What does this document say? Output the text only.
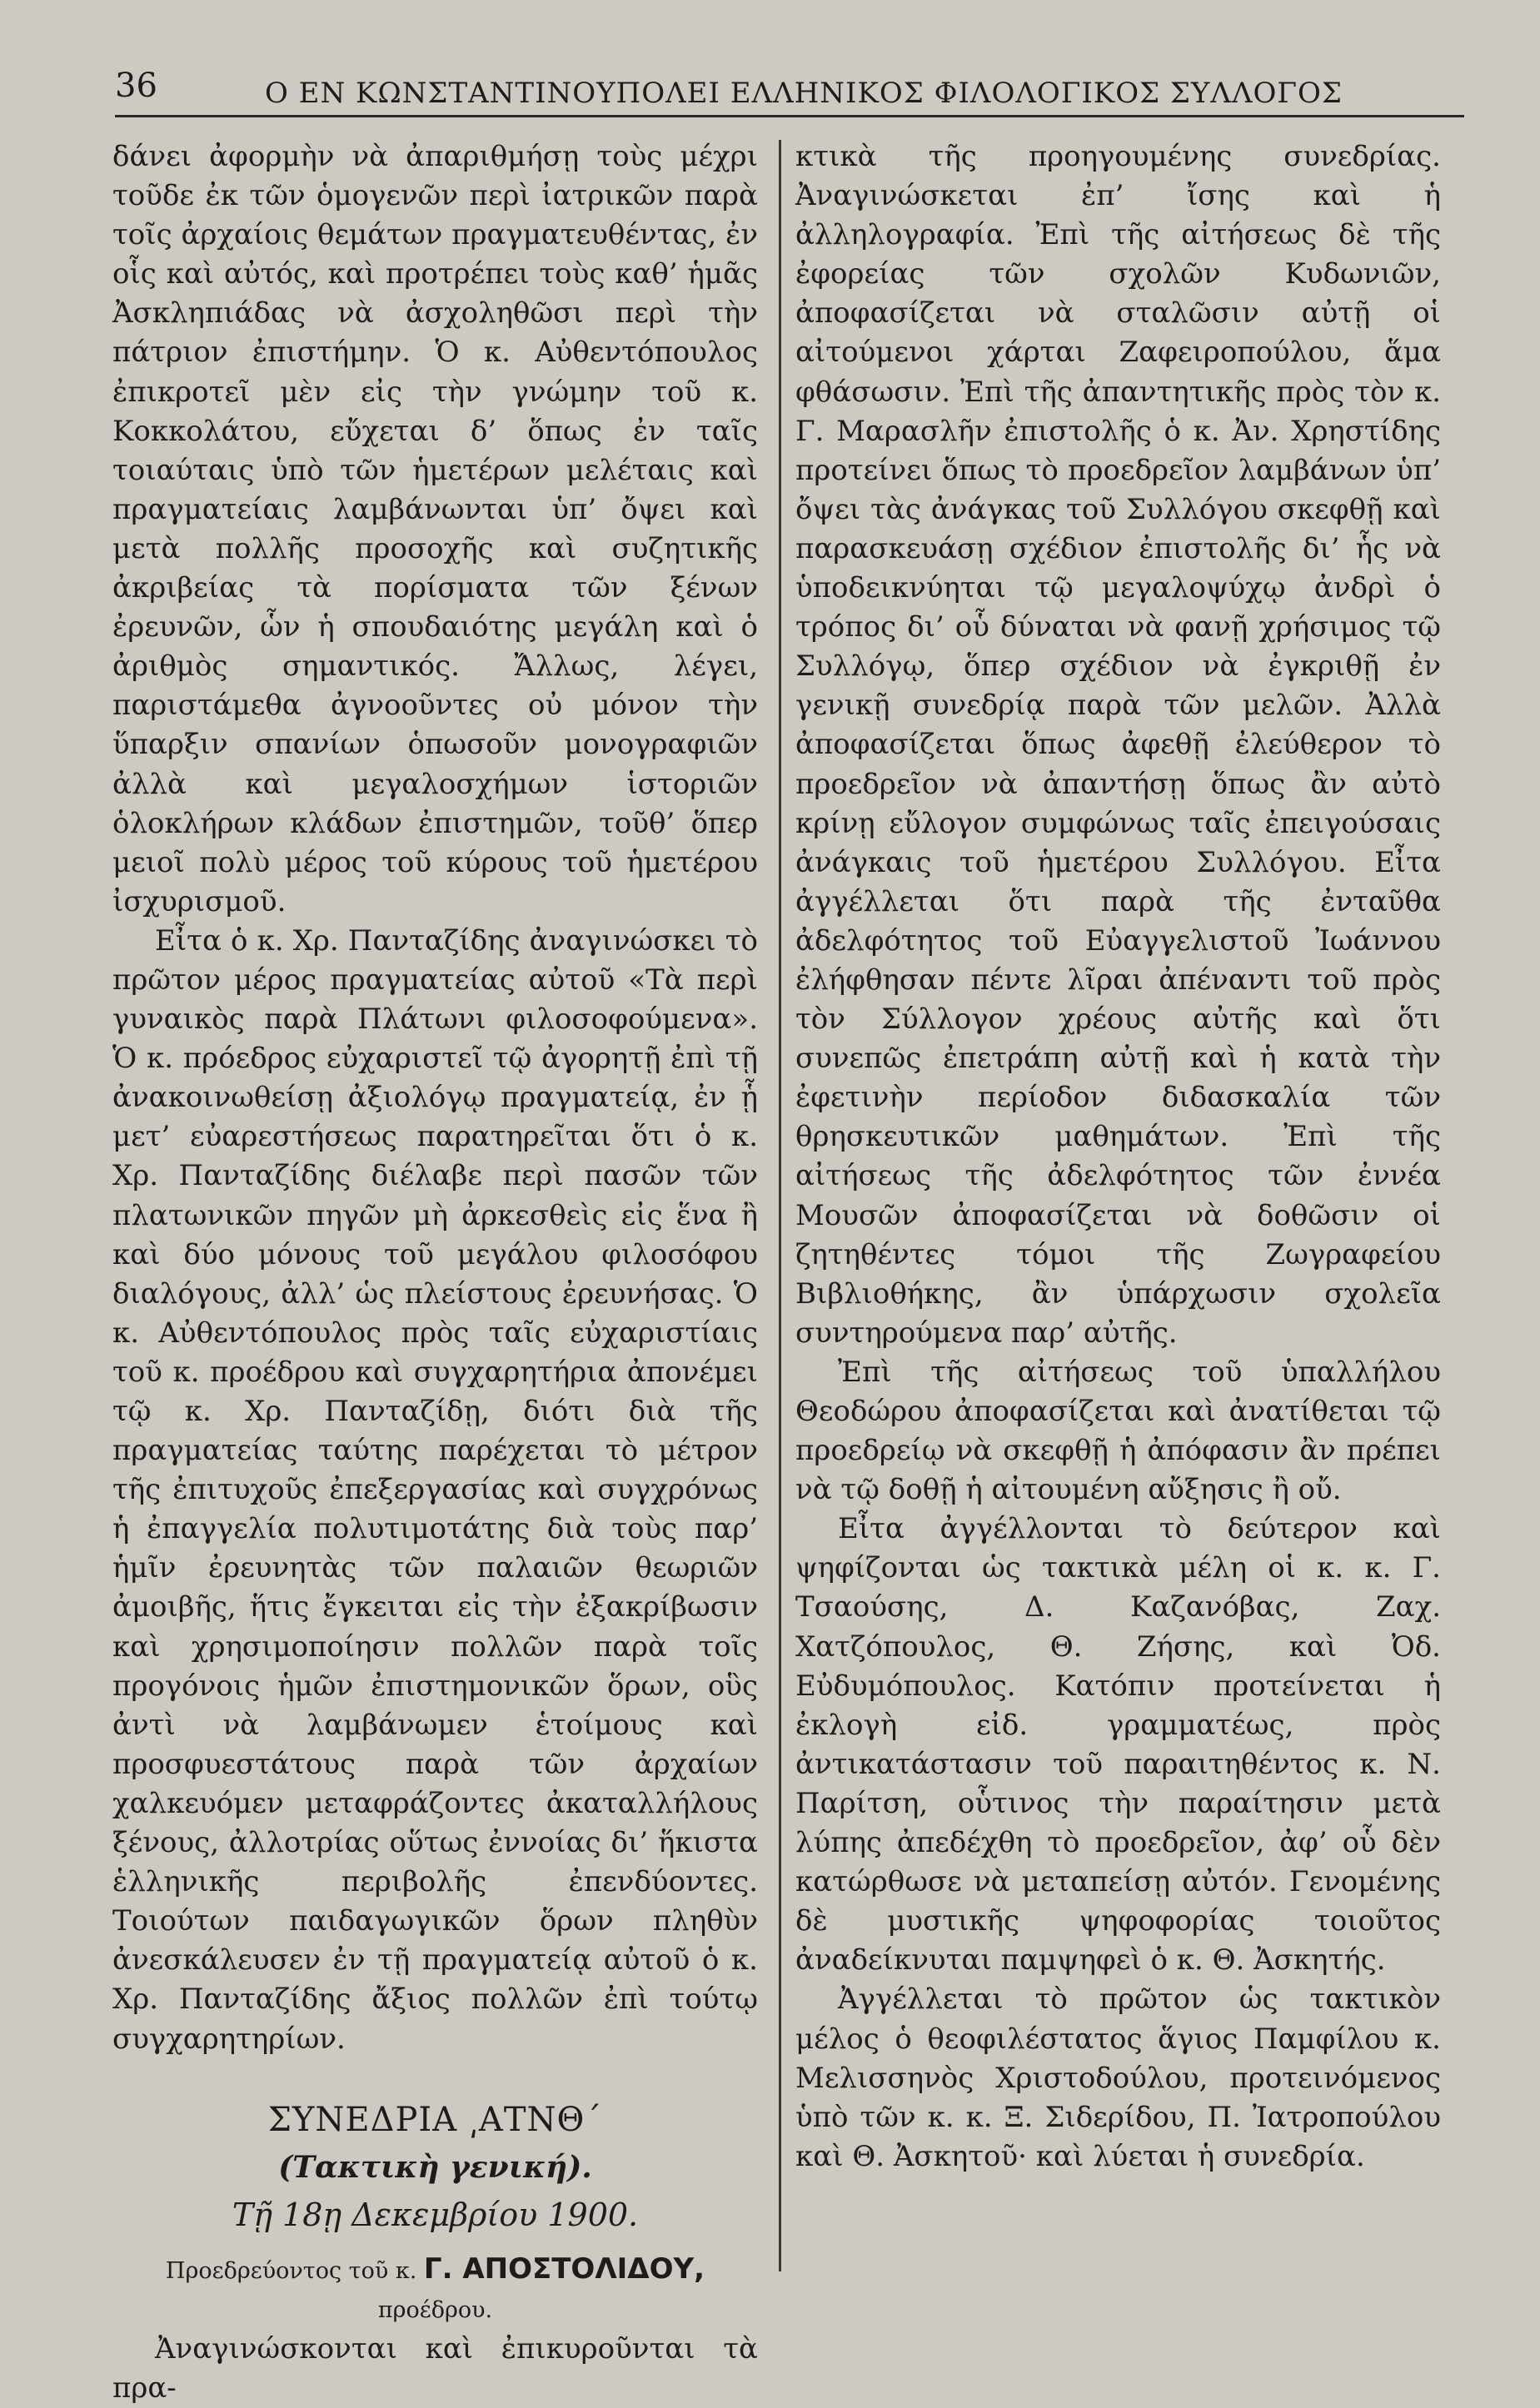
36	Ο ΕΝ ΚΩΝΣΤΑΝΤΙΝΟΥΠΟΛΕΙ ΕΛΛΗΝΙΚΟΣ ΦΙΛΟΛΟΓΙΚΟΣ ΣΥΛΛΟΓΟΣ

δάνει ἀφορμὴν νὰ ἀπαριθμήσῃ τοὺς μέχρι τοῦδε ἐκ τῶν ὁμογενῶν περὶ ἰατρικῶν παρὰ τοῖς ἀρχαίοις θεμάτων πραγματευθέντας, ἐν οἷς καὶ αὐτός, καὶ προτρέπει τοὺς καθ’ ἡμᾶς Ἀσκληπιάδας νὰ ἀσχοληθῶσι περὶ τὴν πάτριον ἐπιστήμην. Ὁ κ. Αὐθεντόπουλος ἐπικροτεῖ μὲν εἰς τὴν γνώμην τοῦ κ. Κοκκολάτου, εὔχεται δ’ ὅπως ἐν ταῖς τοιαύταις ὑπὸ τῶν ἡμετέρων μελέταις καὶ πραγματείαις λαμβάνωνται ὑπ’ ὄψει καὶ μετὰ πολλῆς προσοχῆς καὶ συζητικῆς ἀκριβείας τὰ πορίσματα τῶν ξένων ἐρευνῶν, ὧν ἡ σπουδαιότης μεγάλη καὶ ὁ ἀριθμὸς σημαντικός. Ἄλλως, λέγει, παριστάμεθα ἀγνοοῦντες οὐ μόνον τὴν ὕπαρξιν σπανίων ὁπωσοῦν μονογραφιῶν ἀλλὰ καὶ μεγαλοσχήμων ἱστοριῶν ὁλοκλήρων κλάδων ἐπιστημῶν, τοῦθ’ ὅπερ μειοῖ πολὺ μέρος τοῦ κύρους τοῦ ἡμετέρου ἰσχυρισμοῦ.

Εἶτα ὁ κ. Χρ. Πανταζίδης ἀναγινώσκει τὸ πρῶτον μέρος πραγματείας αὐτοῦ «Τὰ περὶ γυναικὸς παρὰ Πλάτωνι φιλοσοφούμενα». Ὁ κ. πρόεδρος εὐχαριστεῖ τῷ ἀγορητῇ ἐπὶ τῇ ἀνακοινωθείσῃ ἀξιολόγῳ πραγματείᾳ, ἐν ᾗ μετ’ εὐαρεστήσεως παρατηρεῖται ὅτι ὁ κ. Χρ. Πανταζίδης διέλαβε περὶ πασῶν τῶν πλατωνικῶν πηγῶν μὴ ἀρκεσθεὶς εἰς ἕνα ἢ καὶ δύο μόνους τοῦ μεγάλου φιλοσόφου διαλόγους, ἀλλ’ ὡς πλείστους ἐρευνήσας. Ὁ κ. Αὐθεντόπουλος πρὸς ταῖς εὐχαριστίαις τοῦ κ. προέδρου καὶ συγχαρητήρια ἀπονέμει τῷ κ. Χρ. Πανταζίδῃ, διότι διὰ τῆς πραγματείας ταύτης παρέχεται τὸ μέτρον τῆς ἐπιτυχοῦς ἐπεξεργασίας καὶ συγχρόνως ἡ ἐπαγγελία πολυτιμοτάτης διὰ τοὺς παρ’ ἡμῖν ἐρευνητὰς τῶν παλαιῶν θεωριῶν ἀμοιβῆς, ἥτις ἔγκειται εἰς τὴν ἐξακρίβωσιν καὶ χρησιμοποίησιν πολλῶν παρὰ τοῖς προγόνοις ἡμῶν ἐπιστημονικῶν ὅρων, οὓς ἀντὶ νὰ λαμβάνωμεν ἑτοίμους καὶ προσφυεστάτους παρὰ τῶν ἀρχαίων χαλκευόμεν μεταφράζοντες ἀκαταλλήλους ξένους, ἀλλοτρίας οὕτως ἐννοίας δι’ ἥκιστα ἑλληνικῆς περιβολῆς ἐπενδύοντες. Τοιούτων παιδαγωγικῶν ὅρων πληθὺν ἀνεσκάλευσεν ἐν τῇ πραγματείᾳ αὐτοῦ ὁ κ. Χρ. Πανταζίδης ἄξιος πολλῶν ἐπὶ τούτῳ συγχαρητηρίων.

ΣΥΝΕΔΡΙΑ ͵ΑΤΝΘ΄
(Τακτικὴ γενική).
Τῇ 18ῃ Δεκεμβρίου 1900.
Προεδρεύοντος τοῦ κ. Γ. ΑΠΟΣΤΟΛΙΔΟΥ, προέδρου.

Ἀναγινώσκονται καὶ ἐπικυροῦνται τὰ πρα-

κτικὰ τῆς προηγουμένης συνεδρίας. Ἀναγινώσκεται ἐπ’ ἴσης καὶ ἡ ἀλληλογραφία. Ἐπὶ τῆς αἰτήσεως δὲ τῆς ἐφορείας τῶν σχολῶν Κυδωνιῶν, ἀποφασίζεται νὰ σταλῶσιν αὐτῇ οἱ αἰτούμενοι χάρται Ζαφειροπούλου, ἅμα φθάσωσιν. Ἐπὶ τῆς ἀπαντητικῆς πρὸς τὸν κ. Γ. Μαρασλῆν ἐπιστολῆς ὁ κ. Ἀν. Χρηστίδης προτείνει ὅπως τὸ προεδρεῖον λαμβάνων ὑπ’ ὄψει τὰς ἀνάγκας τοῦ Συλλόγου σκεφθῇ καὶ παρασκευάσῃ σχέδιον ἐπιστολῆς δι’ ἧς νὰ ὑποδεικνύηται τῷ μεγαλοψύχῳ ἀνδρὶ ὁ τρόπος δι’ οὗ δύναται νὰ φανῇ χρήσιμος τῷ Συλλόγῳ, ὅπερ σχέδιον νὰ ἐγκριθῇ ἐν γενικῇ συνεδρίᾳ παρὰ τῶν μελῶν. Ἀλλὰ ἀποφασίζεται ὅπως ἀφεθῇ ἐλεύθερον τὸ προεδρεῖον νὰ ἀπαντήσῃ ὅπως ἂν αὐτὸ κρίνῃ εὔλογον συμφώνως ταῖς ἐπειγούσαις ἀνάγκαις τοῦ ἡμετέρου Συλλόγου. Εἶτα ἀγγέλλεται ὅτι παρὰ τῆς ἐνταῦθα ἀδελφότητος τοῦ Εὐαγγελιστοῦ Ἰωάννου ἐλήφθησαν πέντε λῖραι ἀπέναντι τοῦ πρὸς τὸν Σύλλογον χρέους αὐτῆς καὶ ὅτι συνεπῶς ἐπετράπη αὐτῇ καὶ ἡ κατὰ τὴν ἐφετινὴν περίοδον διδασκαλία τῶν θρησκευτικῶν μαθημάτων. Ἐπὶ τῆς αἰτήσεως τῆς ἀδελφότητος τῶν ἐννέα Μουσῶν ἀποφασίζεται νὰ δοθῶσιν οἱ ζητηθέντες τόμοι τῆς Ζωγραφείου Βιβλιοθήκης, ἂν ὑπάρχωσιν σχολεῖα συντηρούμενα παρ’ αὐτῆς.

Ἐπὶ τῆς αἰτήσεως τοῦ ὑπαλλήλου Θεοδώρου ἀποφασίζεται καὶ ἀνατίθεται τῷ προεδρείῳ νὰ σκεφθῇ ἡ ἀπόφασιν ἂν πρέπει νὰ τῷ δοθῇ ἡ αἰτουμένη αὔξησις ἢ οὔ.

Εἶτα ἀγγέλλονται τὸ δεύτερον καὶ ψηφίζονται ὡς τακτικὰ μέλη οἱ κ. κ. Γ. Τσαούσης, Δ. Καζανόβας, Ζαχ. Χατζόπουλος, Θ. Ζήσης, καὶ Ὀδ. Εὐδυμόπουλος. Κατόπιν προτείνεται ἡ ἐκλογὴ εἰδ. γραμματέως, πρὸς ἀντικατάστασιν τοῦ παραιτηθέντος κ. Ν. Παρίτση, οὗτινος τὴν παραίτησιν μετὰ λύπης ἀπεδέχθη τὸ προεδρεῖον, ἀφ’ οὗ δὲν κατώρθωσε νὰ μεταπείσῃ αὐτόν. Γενομένης δὲ μυστικῆς ψηφοφορίας τοιοῦτος ἀναδείκνυται παμψηφεὶ ὁ κ. Θ. Ἀσκητής.

Ἀγγέλλεται τὸ πρῶτον ὡς τακτικὸν μέλος ὁ θεοφιλέστατος ἅγιος Παμφίλου κ. Μελισσηνὸς Χριστοδούλου, προτεινόμενος ὑπὸ τῶν κ. κ. Ξ. Σιδερίδου, Π. Ἰατροπούλου καὶ Θ. Ἀσκητοῦ· καὶ λύεται ἡ συνεδρία.
